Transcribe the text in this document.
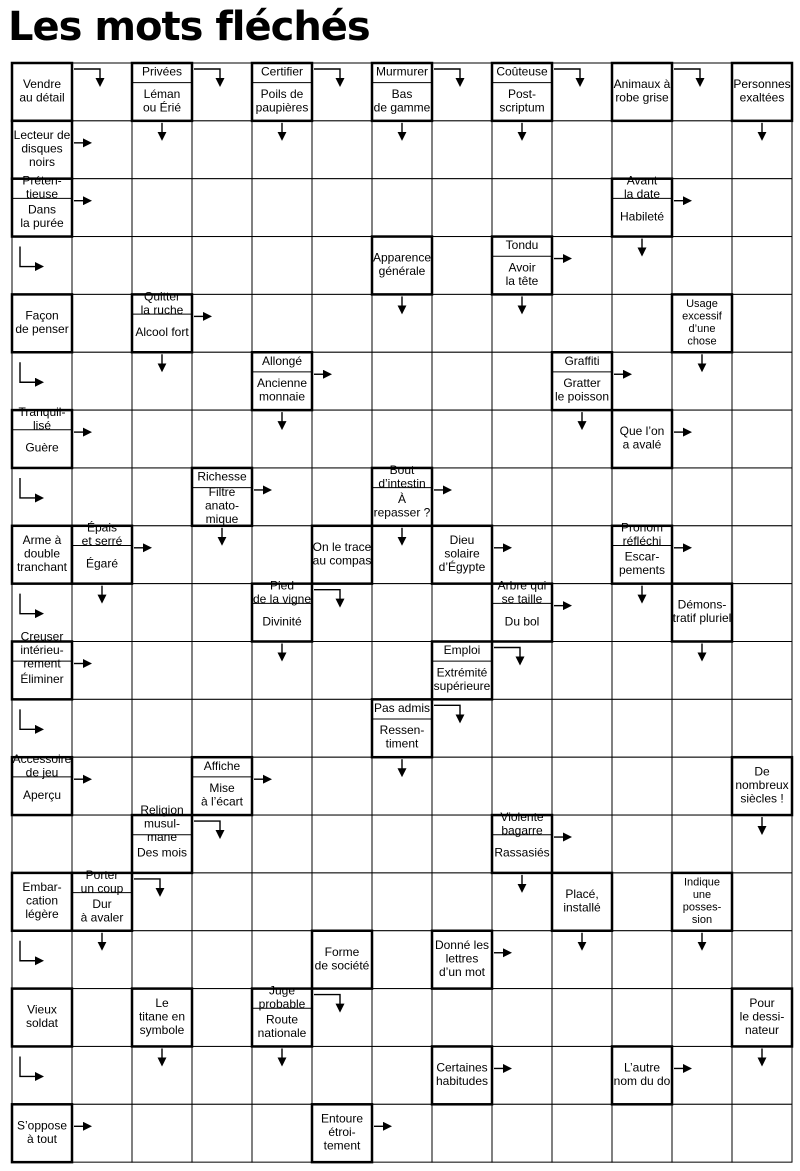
Les mots fléchés
Vendre au détail
Privées
Léman ou Érié
Certifier
Poils de paupières
Murmurer
Bas de gamme
Coûteuse
Post-scriptum
Animaux à robe grise
Personnes exaltées
Lecteur de disques noirs
Préten-tieuse
Dans la purée
Avant la date
Habileté
Apparence générale
Tondu
Avoir la tête
Façon de penser
Quitter la ruche
Alcool fort
Usage excessif d’une chose
Allongé
Ancienne monnaie
Graffiti
Gratter le poisson
Tranquil-lisé
Guère
Que l’on a avalé
Richesse
Filtre anato-mique
Bout d’intestin
À repasser ?
Arme à double tranchant
Épais et serré
Égaré
On le trace au compas
Dieu solaire d’Égypte
Pronom réfléchi
Escar-pements
Pied de la vigne
Divinité
Arbre qui se taille
Du bol
Démons-tratif pluriel
Creuser intérieu-rement
Éliminer
Emploi
Extrémité supérieure
Pas admis
Ressen-timent
Accessoire de jeu
Aperçu
Affiche
Mise à l’écart
De nombreux siècles !
Religion musul-mane
Des mois
Violente bagarre
Rassasiés
Embar-cation légère
Porter un coup
Dur à avaler
Placé, installé
Indique une posses-sion
Forme de société
Donné les lettres d’un mot
Vieux soldat
Le titane en symbole
Juge probable
Route nationale
Pour le dessi-nateur
Certaines habitudes
L’autre nom du do
S’oppose à tout
Entoure étroi-tement
